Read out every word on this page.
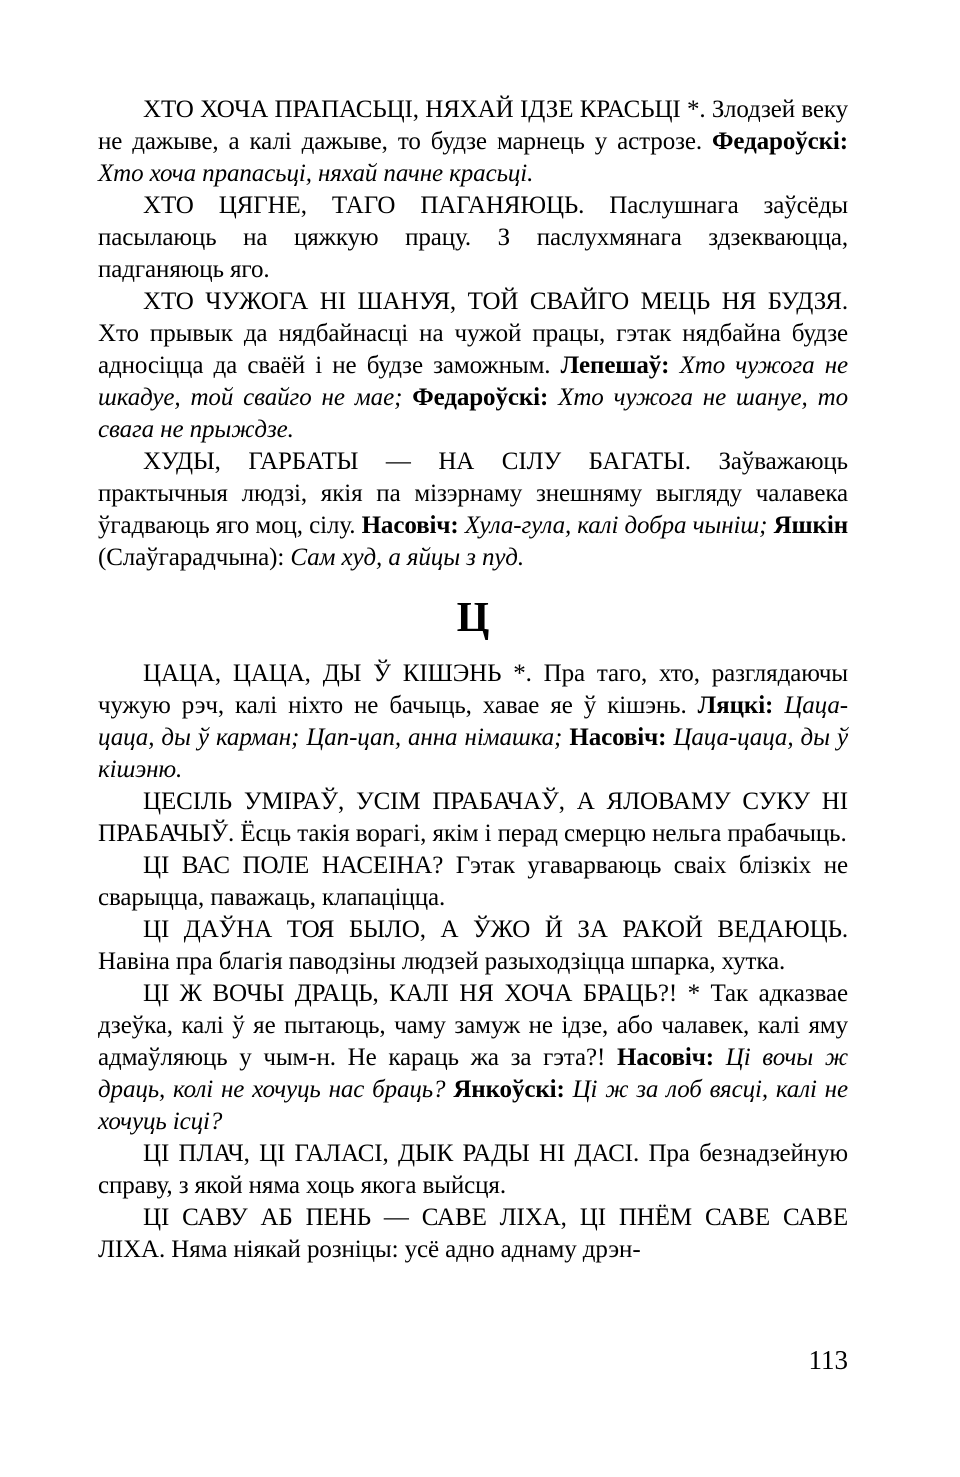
ХТО ХОЧА ПРАПАСЬЦІ, НЯХАЙ ІДЗЕ КРАСЬЦІ *. Злодзей веку не дажыве, а калі дажыве, то будзе марнець у астрозе. Федароўскі: Хто хоча прапасьці, няхай пачне красьці.

ХТО ЦЯГНЕ, ТАГО ПАГАНЯЮЦЬ. Паслушнага заўсёды пасылаюць на цяжкую працу. З паслухмянага здзекваюцца, падганяюць яго.

ХТО ЧУЖОГА НІ ШАНУЯ, ТОЙ СВАЙГО МЕЦЬ НЯ БУДЗЯ. Хто прывык да нядбайнасці на чужой працы, гэтак нядбайна будзе адносіцца да сваёй і не будзе заможным. Лепешаў: Хто чужога не шкадуе, той свайго не мае; Федароўскі: Хто чужога не шануе, то свага не прыждзе.

ХУДЫ, ГАРБАТЫ — НА СІЛУ БАГАТЫ. Заўважаюць практычныя людзі, якія па мізэрнаму знешняму выгляду чалавека ўгадваюць яго моц, сілу. Насовіч: Хула-гула, калі добра чыніш; Яшкін (Слаўгарадчына): Сам худ, а яйцы з пуд.

Ц

ЦАЦА, ЦАЦА, ДЫ Ў КІШЭНЬ *. Пра таго, хто, разглядаючы чужую рэч, калі ніхто не бачыць, хавае яе ў кішэнь. Ляцкі: Цаца-цаца, ды ў карман; Цап-цап, анна німашка; Насовіч: Цаца-цаца, ды ў кішэню.

ЦЕСІЛЬ УМІРАЎ, УСІМ ПРАБАЧАЎ, А ЯЛОВАМУ СУКУ НІ ПРАБАЧЫЎ. Ёсць такія ворагі, якім і перад смерцю нельга прабачыць.

ЦІ ВАС ПОЛЕ НАСЕІНА? Гэтак угаварваюць сваіх блізкіх не сварыцца, паважаць, клапаціцца.

ЦІ ДАЎНА ТОЯ БЫЛО, А ЎЖО Й ЗА РАКОЙ ВЕДАЮЦЬ. Навіна пра благія паводзіны людзей разыходзіцца шпарка, хутка.

ЦІ Ж ВОЧЫ ДРАЦЬ, КАЛІ НЯ ХОЧА БРАЦЬ?! * Так адказвае дзеўка, калі ў яе пытаюць, чаму замуж не ідзе, або чалавек, калі яму адмаўляюць у чым-н. Не караць жа за гэта?! Насовіч: Ці вочы ж драць, колі не хочуць нас браць? Янкоўскі: Ці ж за лоб вясці, калі не хочуць ісці?

ЦІ ПЛАЧ, ЦІ ГАЛАСІ, ДЫК РАДЫ НІ ДАСІ. Пра безнадзейную справу, з якой няма хоць якога выйсця.

ЦІ САВУ АБ ПЕНЬ — САВЕ ЛІХА, ЦІ ПНЁМ САВЕ САВЕ ЛІХА. Няма ніякай розніцы: усё адно аднаму дрэн-

113
